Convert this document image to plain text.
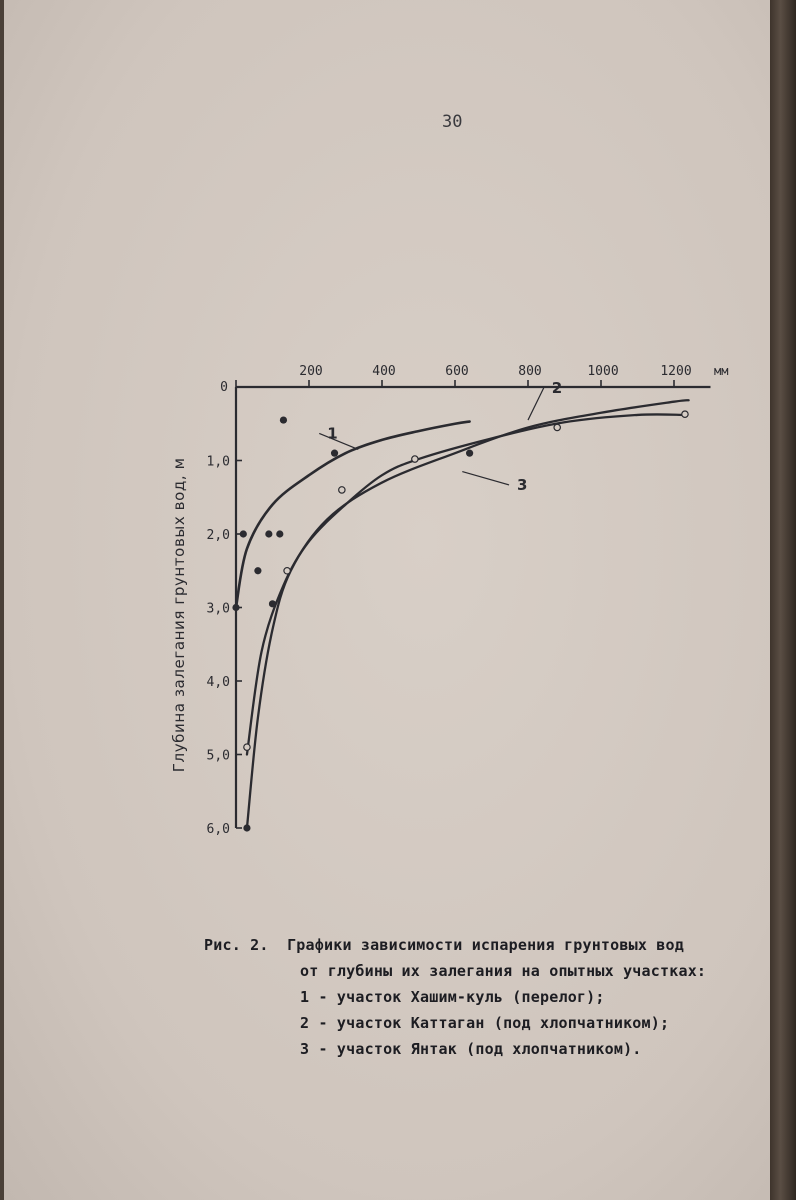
30
0
200	400	600	800	1000	1200 мм
1,0
2,0
3,0
4,0
5,0
6,0
Глубина залегания грунтовых вод, м
1
2
3
Рис. 2.  Графики зависимости испарения грунтовых вод
от глубины их залегания на опытных участках:
1 - участок Хашим-куль (перелог);
2 - участок Каттаган (под хлопчатником);
3 - участок Янтак (под хлопчатником).
